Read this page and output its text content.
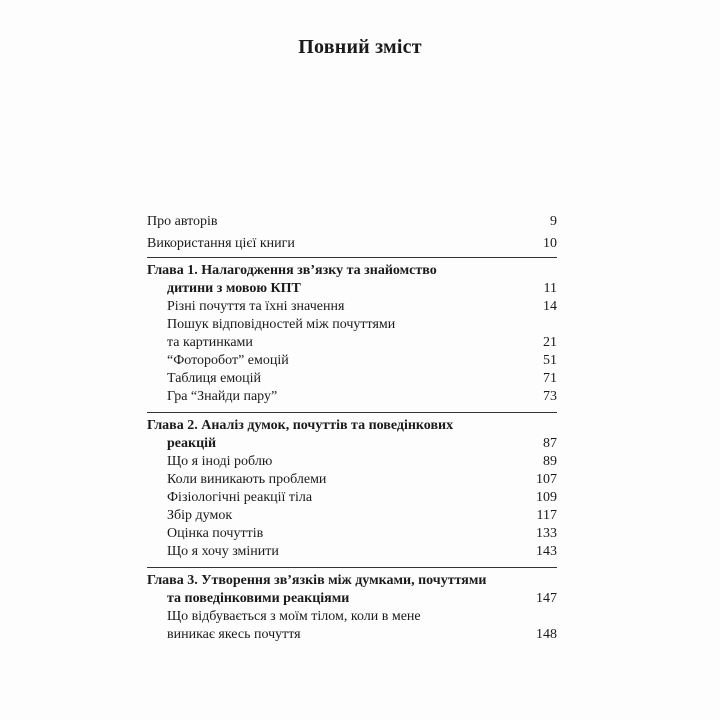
Повний зміст
Про авторів	9
Використання цієї книги	10
Глава 1. Налагодження зв’язку та знайомство
дитини з мовою КПТ	11
Різні почуття та їхні значення	14
Пошук відповідностей між почуттями
та картинками	21
“Фоторобот” емоцій	51
Таблиця емоцій	71
Гра “Знайди пару”	73
Глава 2. Аналіз думок, почуттів та поведінкових
реакцій	87
Що я іноді роблю	89
Коли виникають проблеми	107
Фізіологічні реакції тіла	109
Збір думок	117
Оцінка почуттів	133
Що я хочу змінити	143
Глава 3. Утворення зв’язків між думками, почуттями
та поведінковими реакціями	147
Що відбувається з моїм тілом, коли в мене
виникає якесь почуття	148
